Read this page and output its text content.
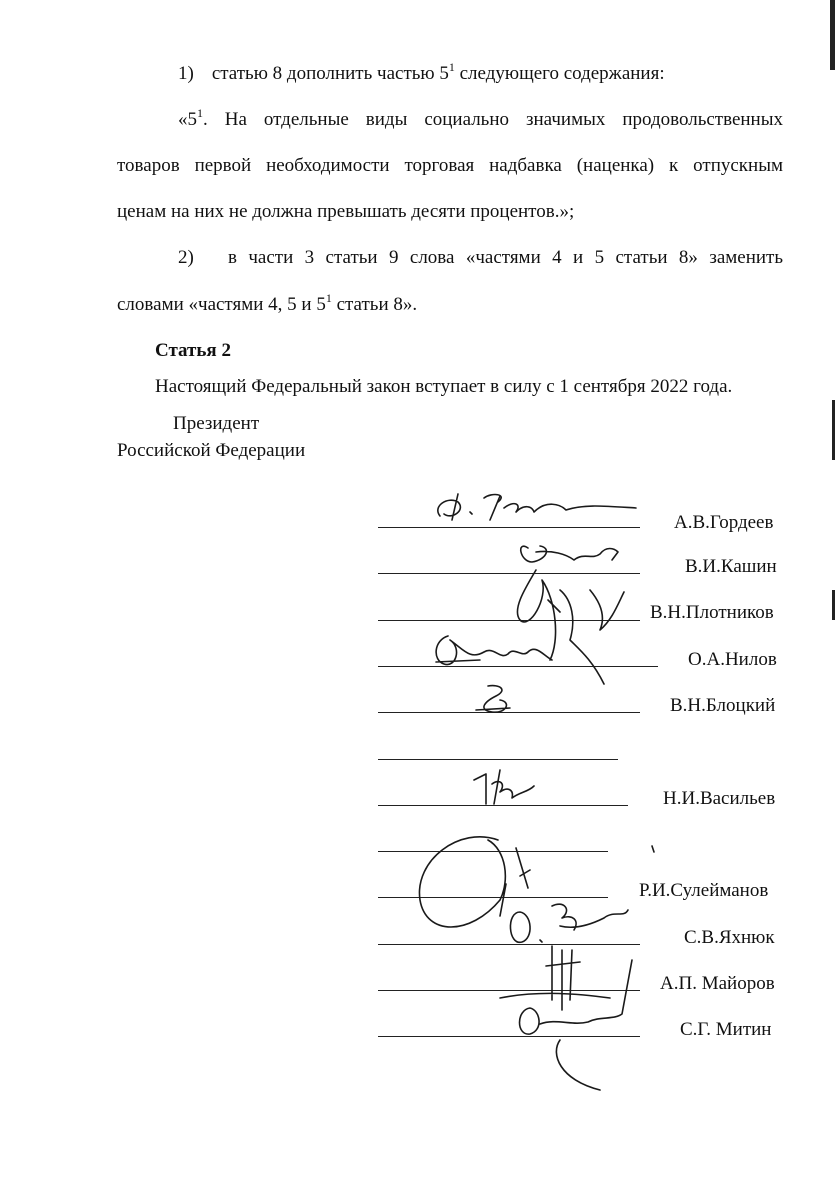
1) статью 8 дополнить частью $5^1$ следующего содержания:
«$5^1$. На отдельные виды социально значимых продовольственных
товаров первой необходимости торговая надбавка (наценка) к отпускным
ценам на них не должна превышать десяти процентов.»;
2) в части 3 статьи 9 слова «частями 4 и 5 статьи 8» заменить
словами «частями 4, 5 и $5^1$ статьи 8».
Статья 2
Настоящий Федеральный закон вступает в силу с 1 сентября 2022 года.
Президент
Российской Федерации
А.В.Гордеев
В.И.Кашин
В.Н.Плотников
О.А.Нилов
В.Н.Блоцкий
Н.И.Васильев
Р.И.Сулейманов
С.В.Яхнюк
А.П. Майоров
С.Г. Митин
